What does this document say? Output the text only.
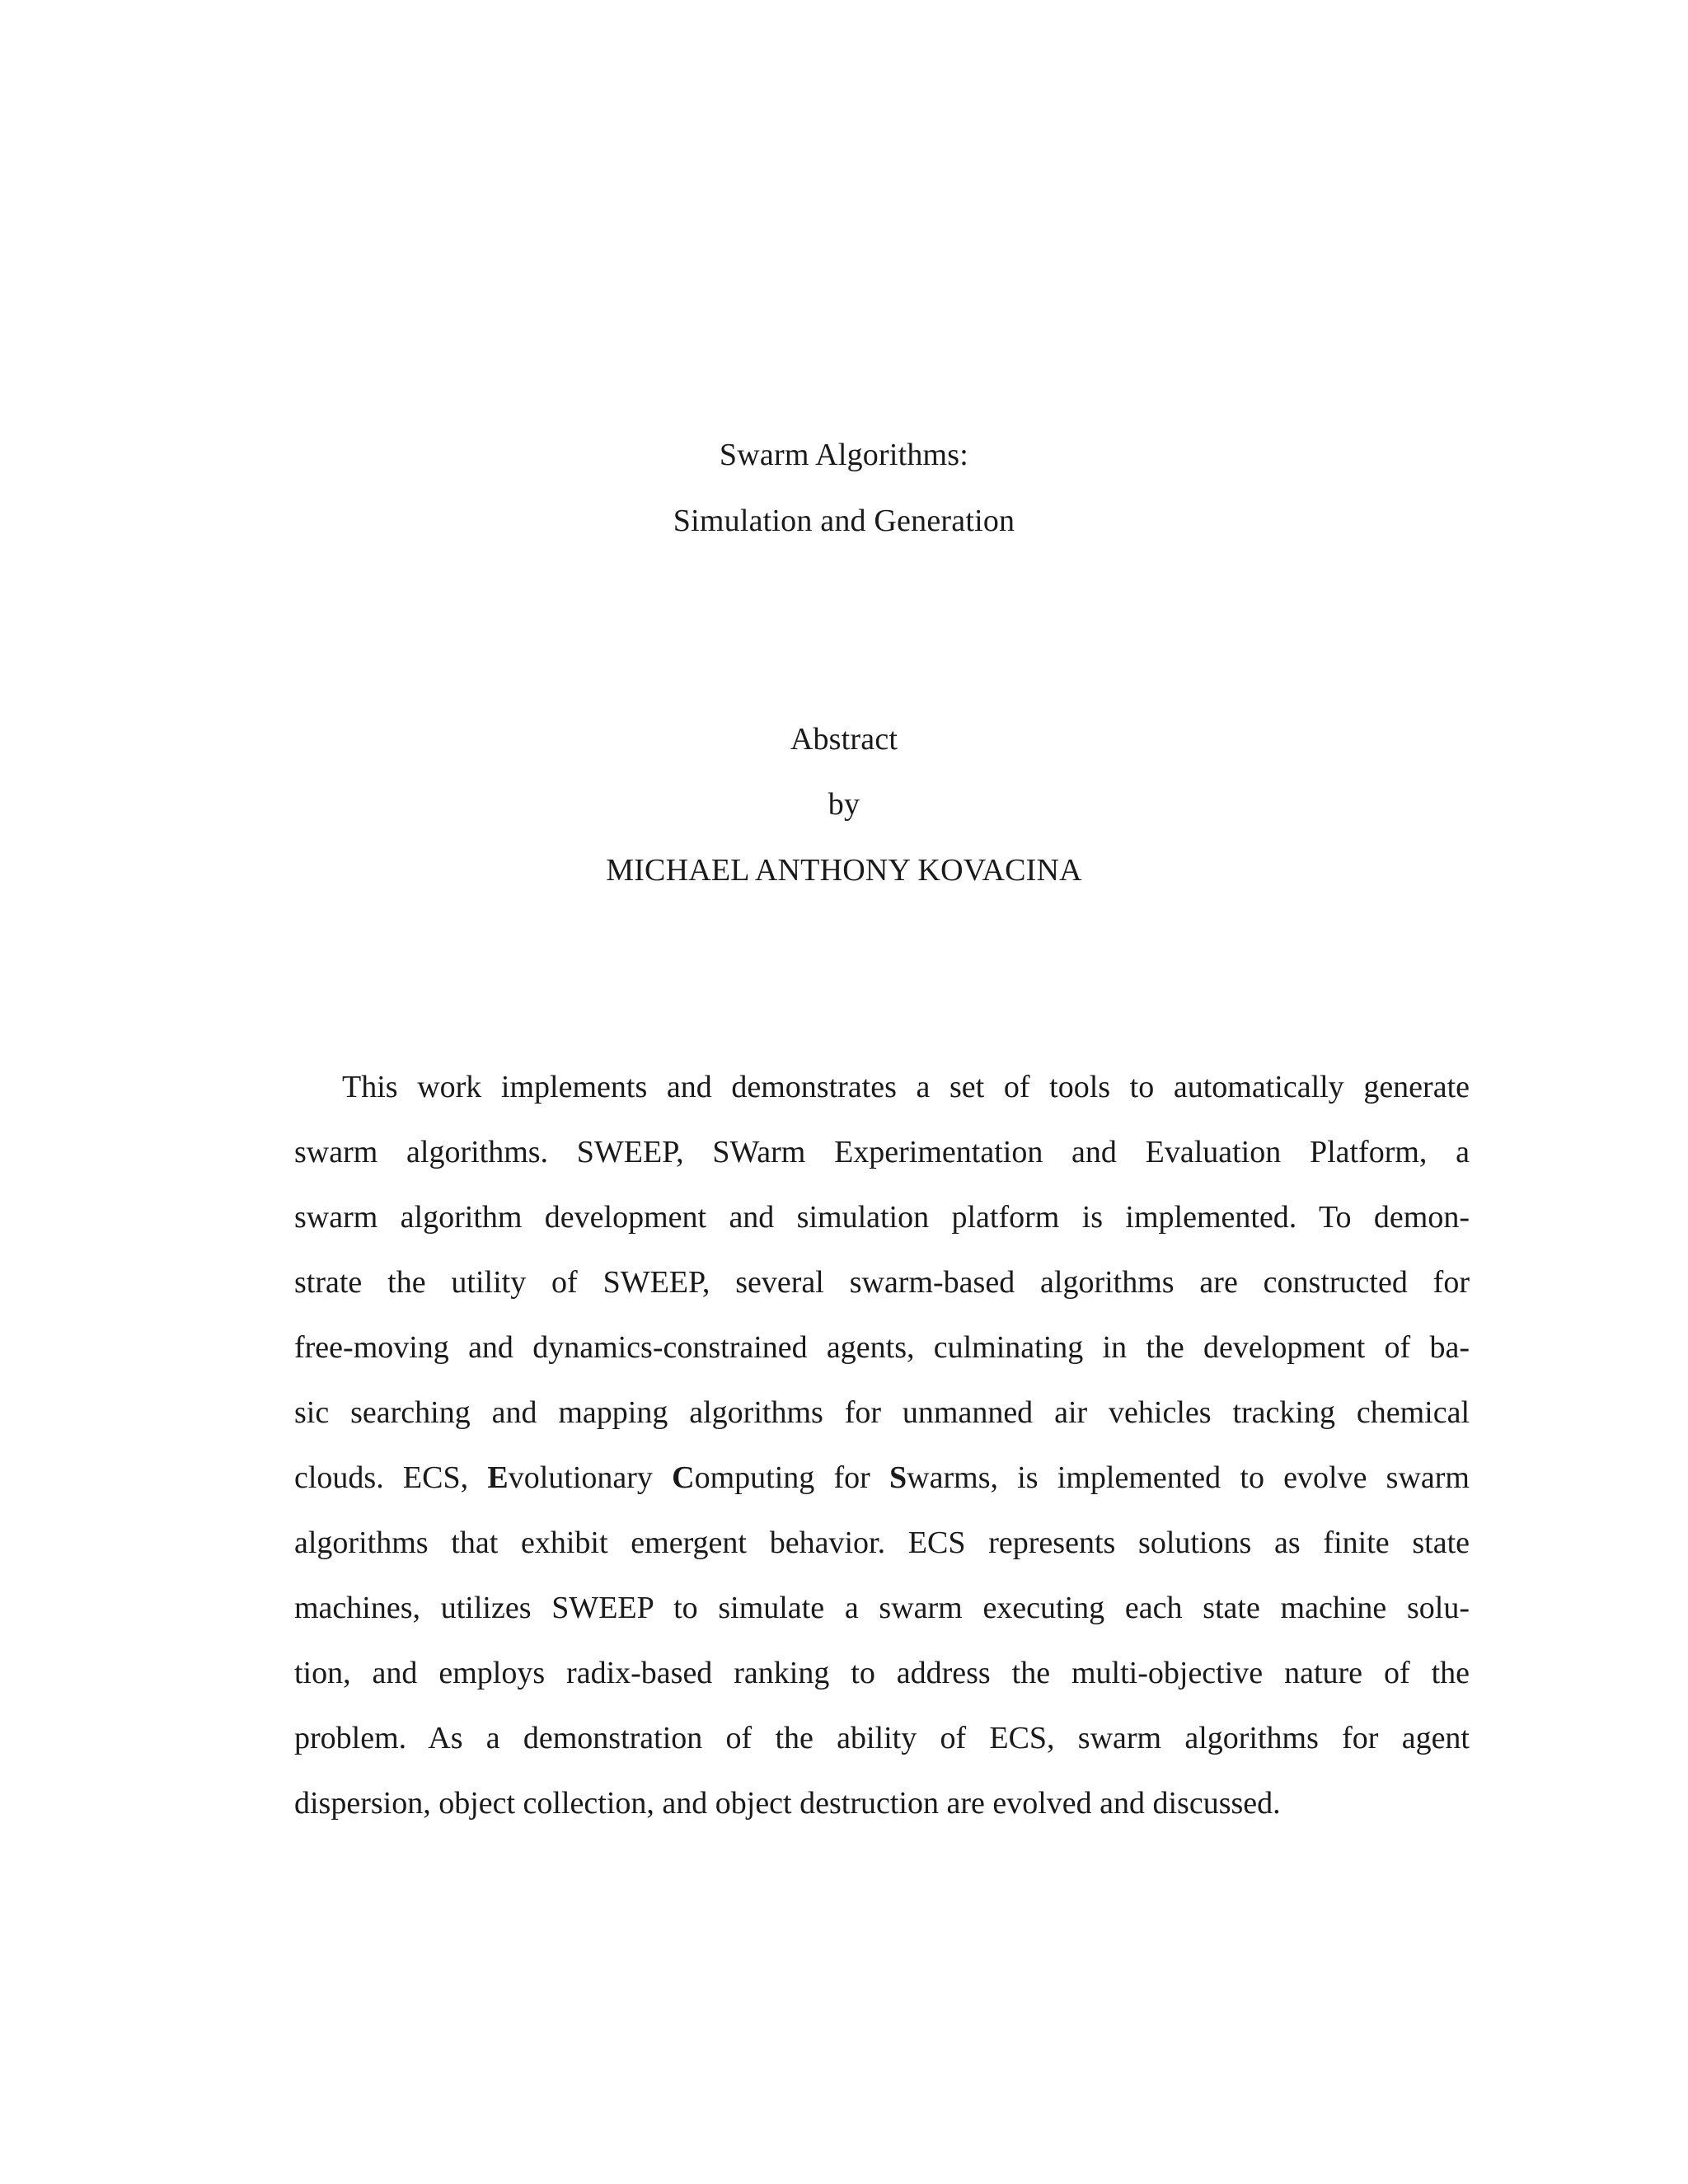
Swarm Algorithms:
Simulation and Generation
Abstract
by
MICHAEL ANTHONY KOVACINA
This work implements and demonstrates a set of tools to automatically generate
swarm algorithms. SWEEP, SWarm Experimentation and Evaluation Platform, a
swarm algorithm development and simulation platform is implemented. To demon-
strate the utility of SWEEP, several swarm-based algorithms are constructed for
free-moving and dynamics-constrained agents, culminating in the development of ba-
sic searching and mapping algorithms for unmanned air vehicles tracking chemical
clouds. ECS, Evolutionary Computing for Swarms, is implemented to evolve swarm
algorithms that exhibit emergent behavior. ECS represents solutions as finite state
machines, utilizes SWEEP to simulate a swarm executing each state machine solu-
tion, and employs radix-based ranking to address the multi-objective nature of the
problem. As a demonstration of the ability of ECS, swarm algorithms for agent
dispersion, object collection, and object destruction are evolved and discussed.
